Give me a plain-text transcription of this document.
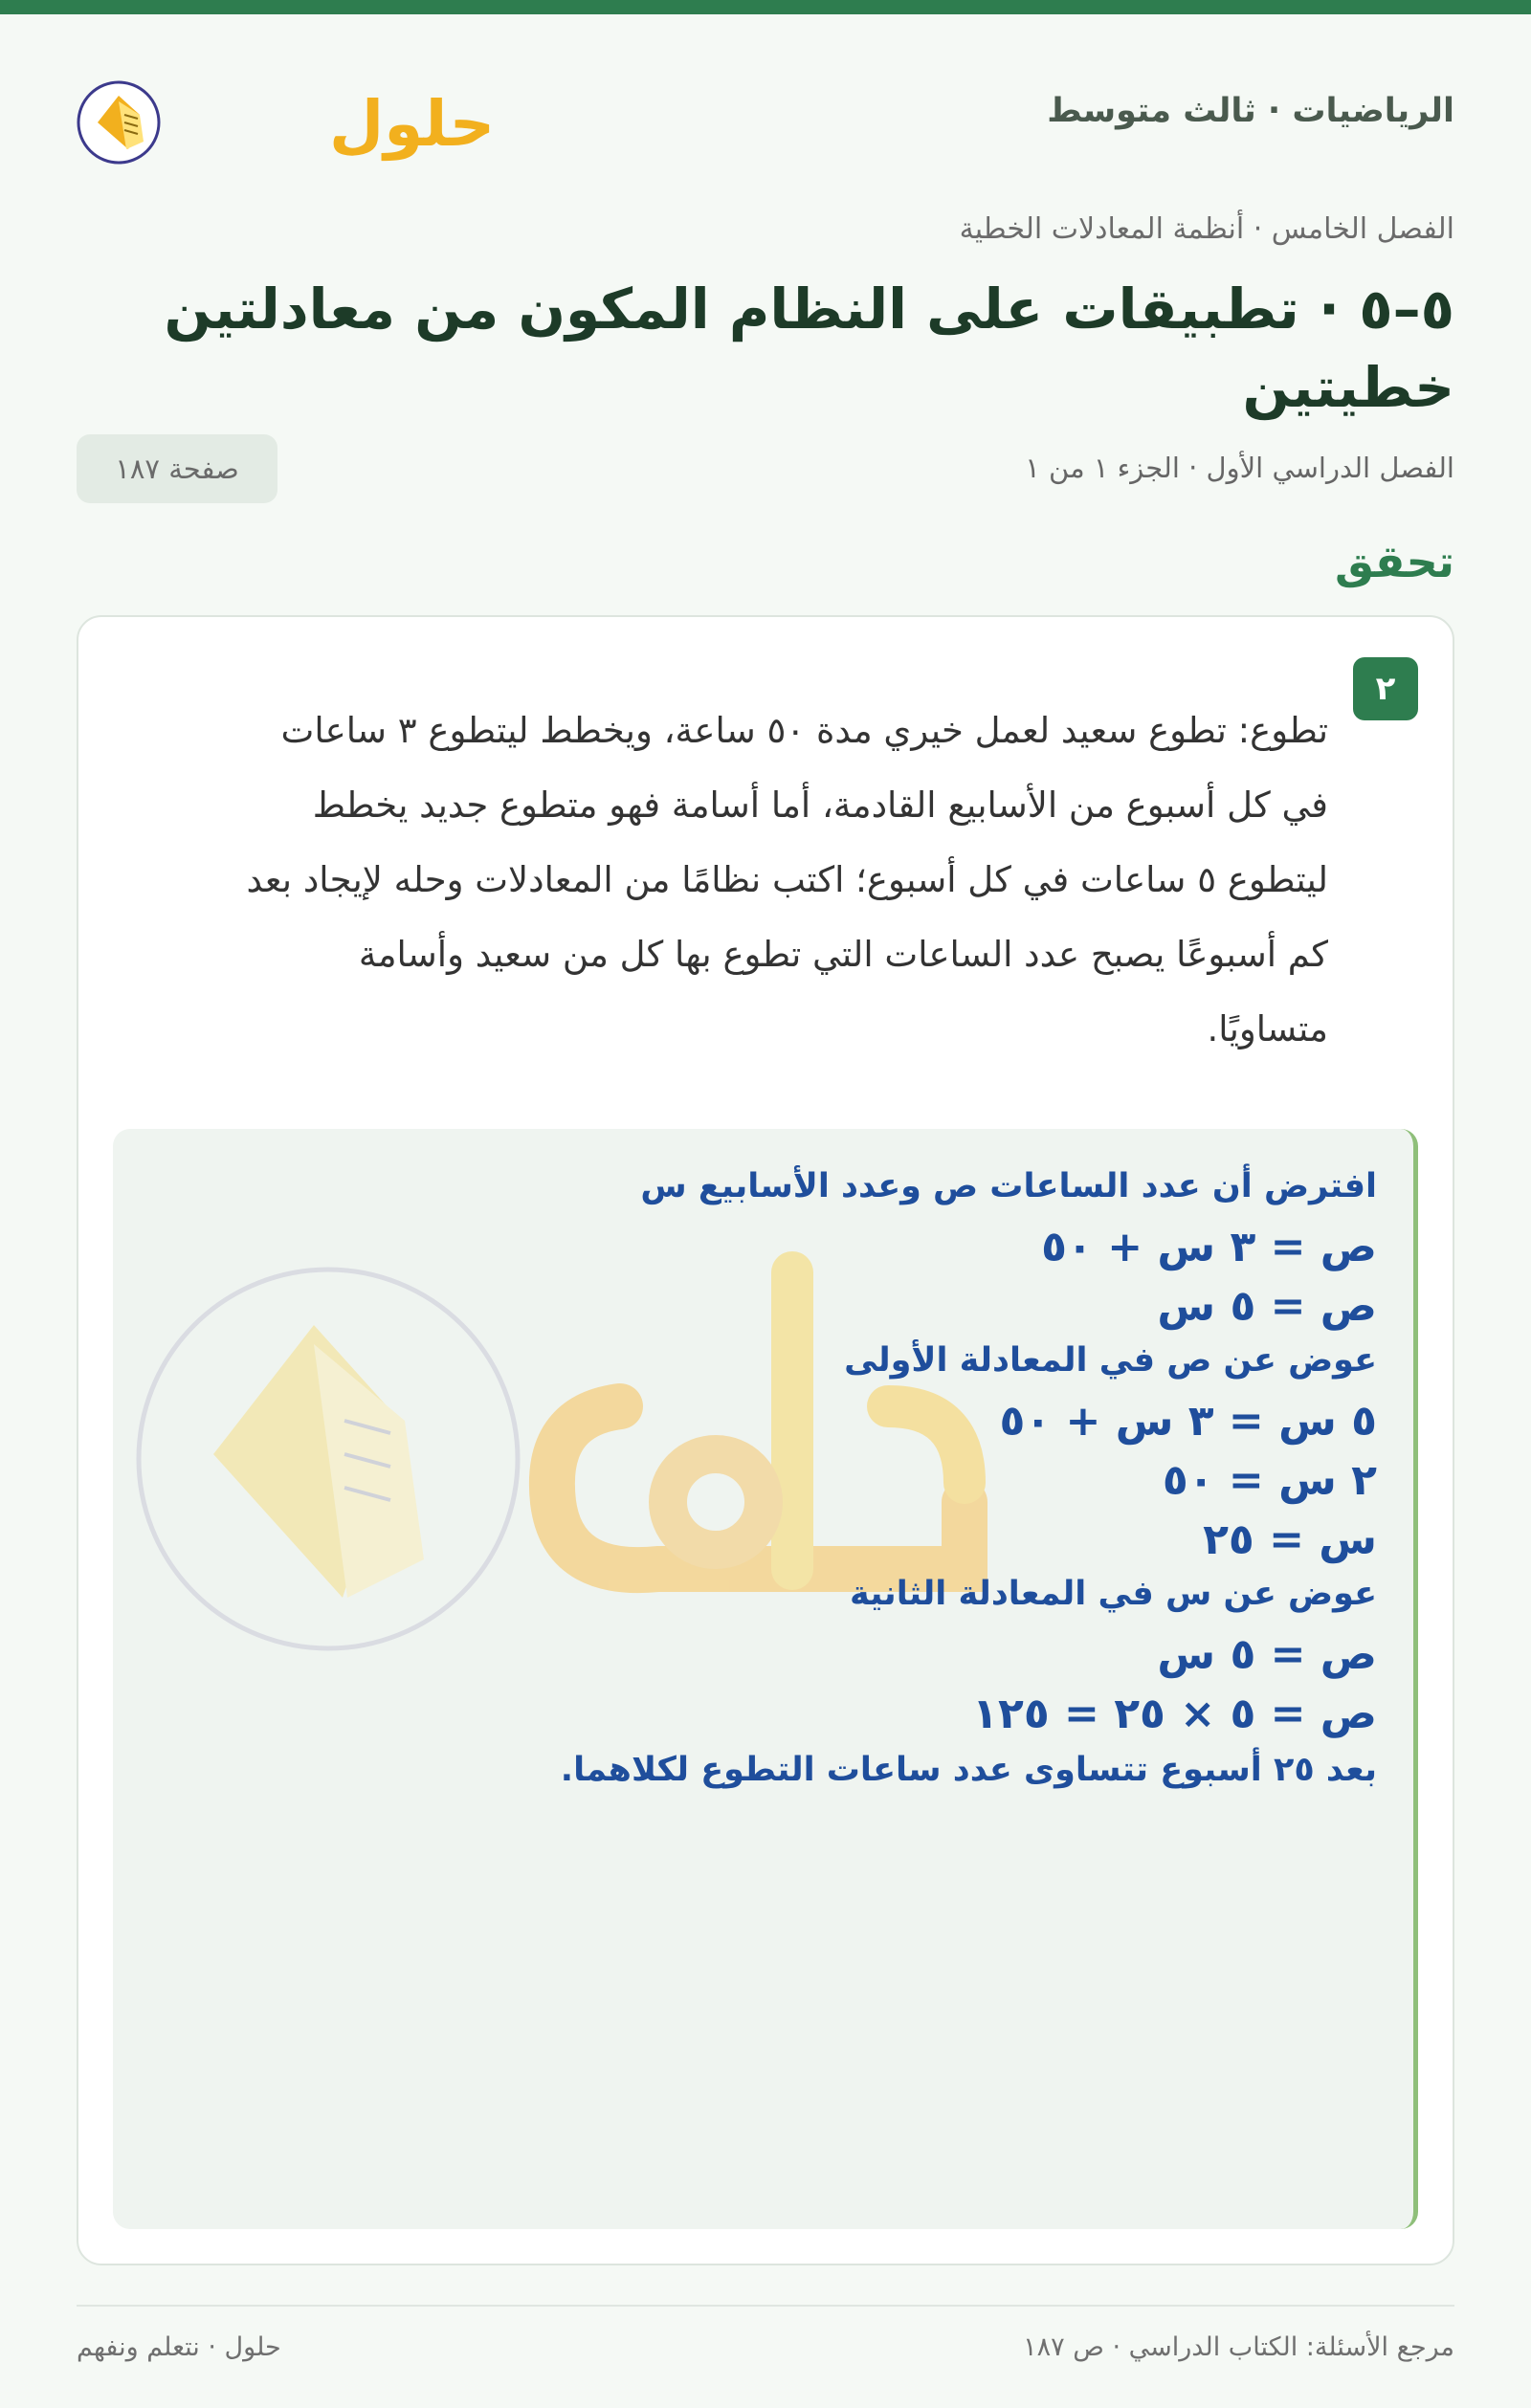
الرياضيات · ثالث متوسط
حلول
الفصل الخامس · أنظمة المعادلات الخطية
٥–٥ · تطبيقات على النظام المكون من معادلتين خطيتين
الفصل الدراسي الأول · الجزء ١ من ١
صفحة ١٨٧
تحقق
٢
تطوع: تطوع سعيد لعمل خيري مدة ٥٠ ساعة، ويخطط ليتطوع ٣ ساعات
في كل أسبوع من الأسابيع القادمة، أما أسامة فهو متطوع جديد يخطط
ليتطوع ٥ ساعات في كل أسبوع؛ اكتب نظامًا من المعادلات وحله لإيجاد بعد
كم أسبوعًا يصبح عدد الساعات التي تطوع بها كل من سعيد وأسامة
متساويًا.
افترض أن عدد الساعات ص وعدد الأسابيع س
ص = ٣ س + ٥٠
ص = ٥ س
عوض عن ص في المعادلة الأولى
٥ س = ٣ س + ٥٠
٢ س = ٥٠
س = ٢٥
عوض عن س في المعادلة الثانية
ص = ٥ س
ص = ٥ × ٢٥ = ١٢٥
بعد ٢٥ أسبوع تتساوى عدد ساعات التطوع لكلاهما.
مرجع الأسئلة: الكتاب الدراسي · ص ١٨٧
حلول · نتعلم ونفهم
